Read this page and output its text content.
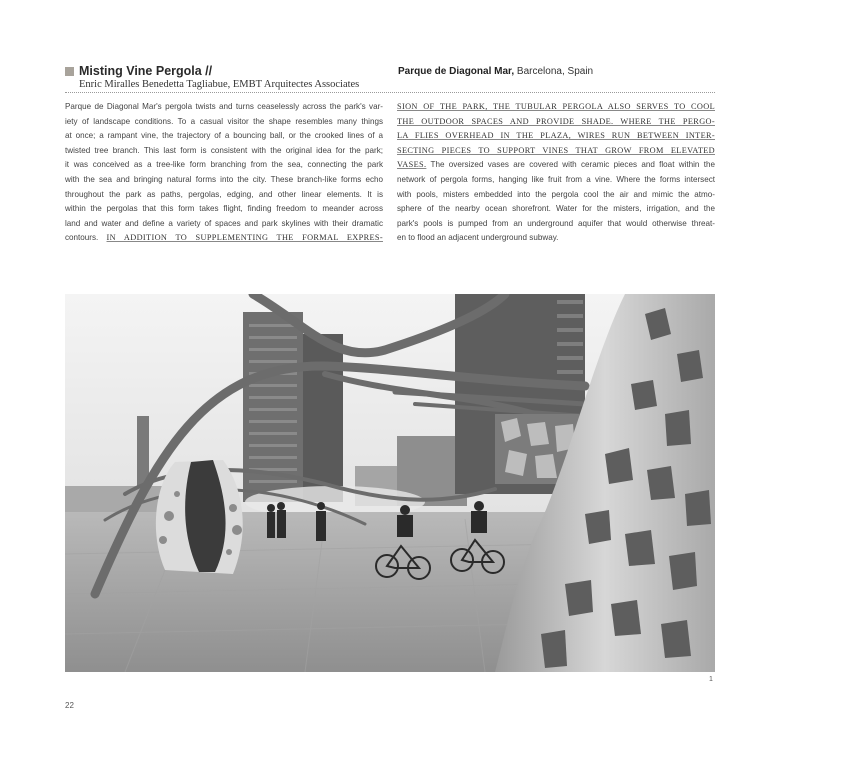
Misting Vine Pergola //
Enric Miralles Benedetta Tagliabue, EMBT Arquitectes Associates
Parque de Diagonal Mar, Barcelona, Spain
Parque de Diagonal Mar's pergola twists and turns ceaselessly across the park's var-
iety of landscape conditions. To a casual visitor the shape resembles many things
at once; a rampant vine, the trajectory of a bouncing ball, or the crooked lines of a
twisted tree branch. This last form is consistent with the original idea for the park;
it was conceived as a tree-like form branching from the sea, connecting the park
with the sea and bringing natural forms into the city. These branch-like forms echo
throughout the park as paths, pergolas, edging, and other linear elements. It is
within the pergolas that this form takes flight, finding freedom to meander across
land and water and define a variety of spaces and park skylines with their dramatic
contours. IN ADDITION TO SUPPLEMENTING THE FORMAL EXPRES-
SION OF THE PARK, THE TUBULAR PERGOLA ALSO SERVES TO COOL
THE OUTDOOR SPACES AND PROVIDE SHADE. WHERE THE PERGO-
LA FLIES OVERHEAD IN THE PLAZA, WIRES RUN BETWEEN INTER-
SECTING PIECES TO SUPPORT VINES THAT GROW FROM ELEVATED
VASES. The oversized vases are covered with ceramic pieces and float within the
network of pergola forms, hanging like fruit from a vine. Where the forms intersect
with pools, misters embedded into the pergola cool the air and mimic the atmo-
sphere of the nearby ocean shorefront. Water for the misters, irrigation, and the
park's pools is pumped from an underground aquifer that would otherwise threat-
en to flood an adjacent underground subway.
1
22
